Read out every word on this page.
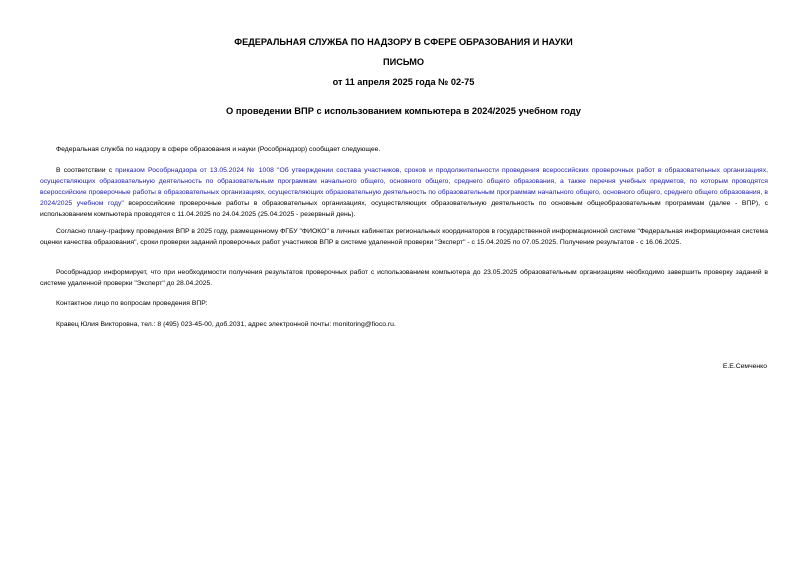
ФЕДЕРАЛЬНАЯ СЛУЖБА ПО НАДЗОРУ В СФЕРЕ ОБРАЗОВАНИЯ И НАУКИ
ПИСЬМО
от 11 апреля 2025 года № 02-75
О проведении ВПР с использованием компьютера в 2024/2025 учебном году

Федеральная служба по надзору в сфере образования и науки (Рособрнадзор) сообщает следующее.

В соответствии с приказом Рособрнадзора от 13.05.2024 № 1008 "Об утверждении состава участников, сроков и продолжительности проведения всероссийских проверочных работ в образовательных организациях, осуществляющих образовательную деятельность по образовательным программам начального общего, основного общего, среднего общего образования, а также перечня учебных предметов, по которым проводятся всероссийские проверочные работы в образовательных организациях, осуществляющих образовательную деятельность по образовательным программам начального общего, основного общего, среднего общего образования, в 2024/2025 учебном году" всероссийские проверочные работы в образовательных организациях, осуществляющих образовательную деятельность по основным общеобразовательным программам (далее - ВПР), с использованием компьютера проводятся с 11.04.2025 по 24.04.2025 (25.04.2025 - резервный день).

Согласно плану-графику проведения ВПР в 2025 году, размещенному ФГБУ "ФИОКО" в личных кабинетах региональных координаторов в государственной информационной системе "Федеральная информационная система оценки качества образования", сроки проверки заданий проверочных работ участников ВПР в системе удаленной проверки "Эксперт" - с 15.04.2025 по 07.05.2025. Получение результатов - с 16.06.2025.

Рособрнадзор информирует, что при необходимости получения результатов проверочных работ с использованием компьютера до 23.05.2025 образовательным организациям необходимо завершить проверку заданий в системе удаленной проверки "Эксперт" до 28.04.2025.

Контактное лицо по вопросам проведения ВПР:

Кравец Юлия Викторовна, тел.: 8 (495) 023-45-00, доб.2031, адрес электронной почты: monitoring@fioco.ru.

Е.Е.Семченко
